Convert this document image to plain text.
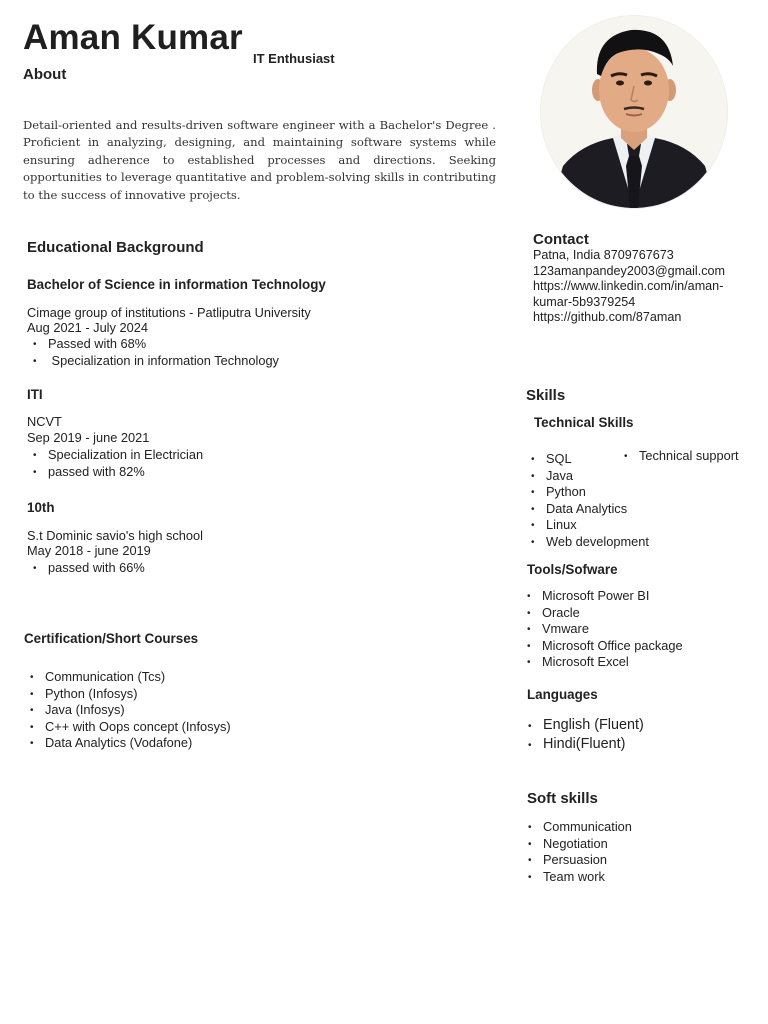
Aman Kumar
IT Enthusiast
About

Detail-oriented and results-driven software engineer with a Bachelor's Degree . Proficient in analyzing, designing, and maintaining software systems while ensuring adherence to established processes and directions. Seeking opportunities to leverage quantitative and problem-solving skills in contributing to the success of innovative projects.

Educational Background
Bachelor of Science in information Technology
Cimage group of institutions - Patliputra University
Aug 2021 - July 2024
• Passed with 68%
•  Specialization in information Technology
ITI
NCVT
Sep 2019 - june 2021
• Specialization in Electrician
• passed with 82%
10th
S.t Dominic savio's high school
May 2018 - june 2019
• passed with 66%
Certification/Short Courses
• Communication (Tcs)
• Python (Infosys)
• Java (Infosys)
• C++ with Oops concept (Infosys)
• Data Analytics (Vodafone)
Contact
Patna, India 8709767673
123amanpandey2003@gmail.com
https://www.linkedin.com/in/aman-
kumar-5b9379254
https://github.com/87aman
Skills
Technical Skills
• SQL
• Java
• Python
• Data Analytics
• Linux
• Web development
• Technical support
Tools/Sofware
• Microsoft Power BI
• Oracle
• Vmware
• Microsoft Office package
• Microsoft Excel
Languages
• English (Fluent)
• Hindi(Fluent)
Soft skills
• Communication
• Negotiation
• Persuasion
• Team work
